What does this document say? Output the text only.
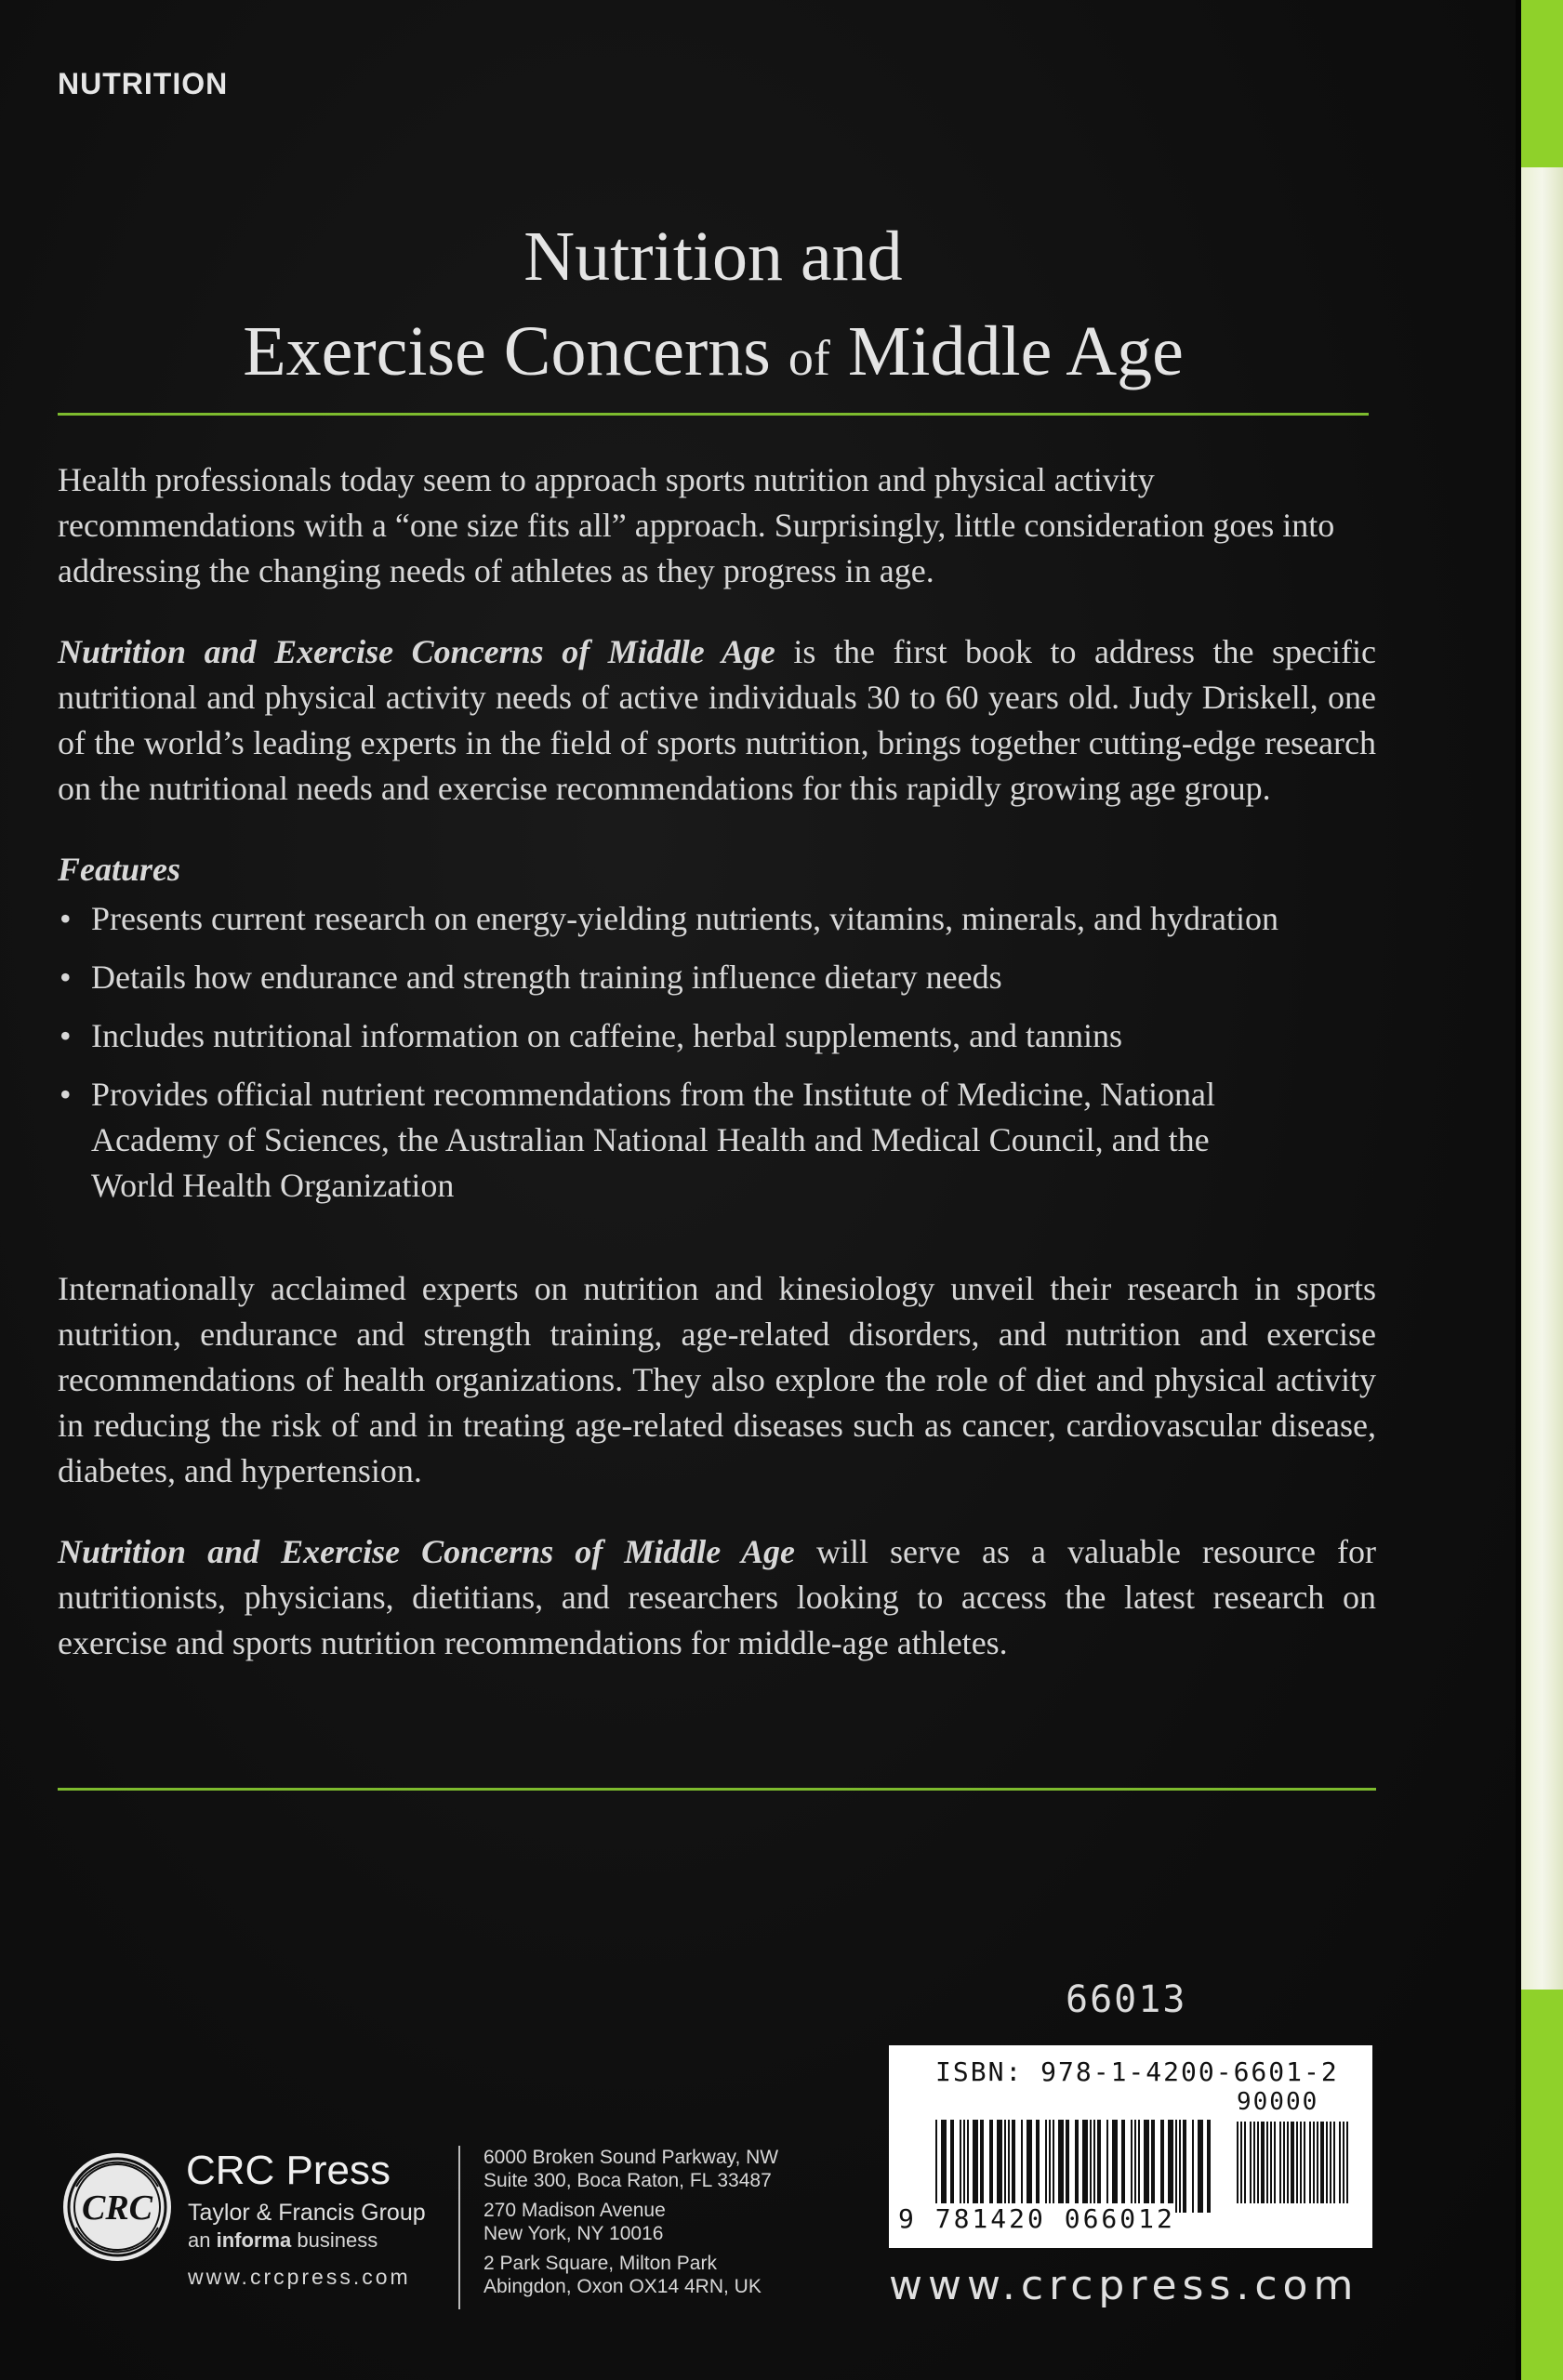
NUTRITION
Nutrition and
Exercise Concerns of Middle Age

Health professionals today seem to approach sports nutrition and physical activity recommendations with a “one size fits all” approach. Surprisingly, little consideration goes into addressing the changing needs of athletes as they progress in age.

Nutrition and Exercise Concerns of Middle Age is the first book to address the specific nutritional and physical activity needs of active individuals 30 to 60 years old. Judy Driskell, one of the world’s leading experts in the field of sports nutrition, brings together cutting-edge research on the nutritional needs and exercise recommendations for this rapidly growing age group.

Features
• Presents current research on energy-yielding nutrients, vitamins, minerals, and hydration
• Details how endurance and strength training influence dietary needs
• Includes nutritional information on caffeine, herbal supplements, and tannins
• Provides official nutrient recommendations from the Institute of Medicine, National Academy of Sciences, the Australian National Health and Medical Council, and the World Health Organization

Internationally acclaimed experts on nutrition and kinesiology unveil their research in sports nutrition, endurance and strength training, age-related disorders, and nutrition and exercise recommendations of health organizations. They also explore the role of diet and physical activity in reducing the risk of and in treating age-related diseases such as cancer, cardiovascular disease, diabetes, and hypertension.

Nutrition and Exercise Concerns of Middle Age will serve as a valuable resource for nutritionists, physicians, dietitians, and researchers looking to access the latest research on exercise and sports nutrition recommendations for middle-age athletes.

66013
ISBN: 978-1-4200-6601-2
90000
9 781420 066012
www.crcpress.com
CRC
CRC Press
Taylor & Francis Group
an informa business
www.crcpress.com
6000 Broken Sound Parkway, NW
Suite 300, Boca Raton, FL 33487
270 Madison Avenue
New York, NY 10016
2 Park Square, Milton Park
Abingdon, Oxon OX14 4RN, UK
